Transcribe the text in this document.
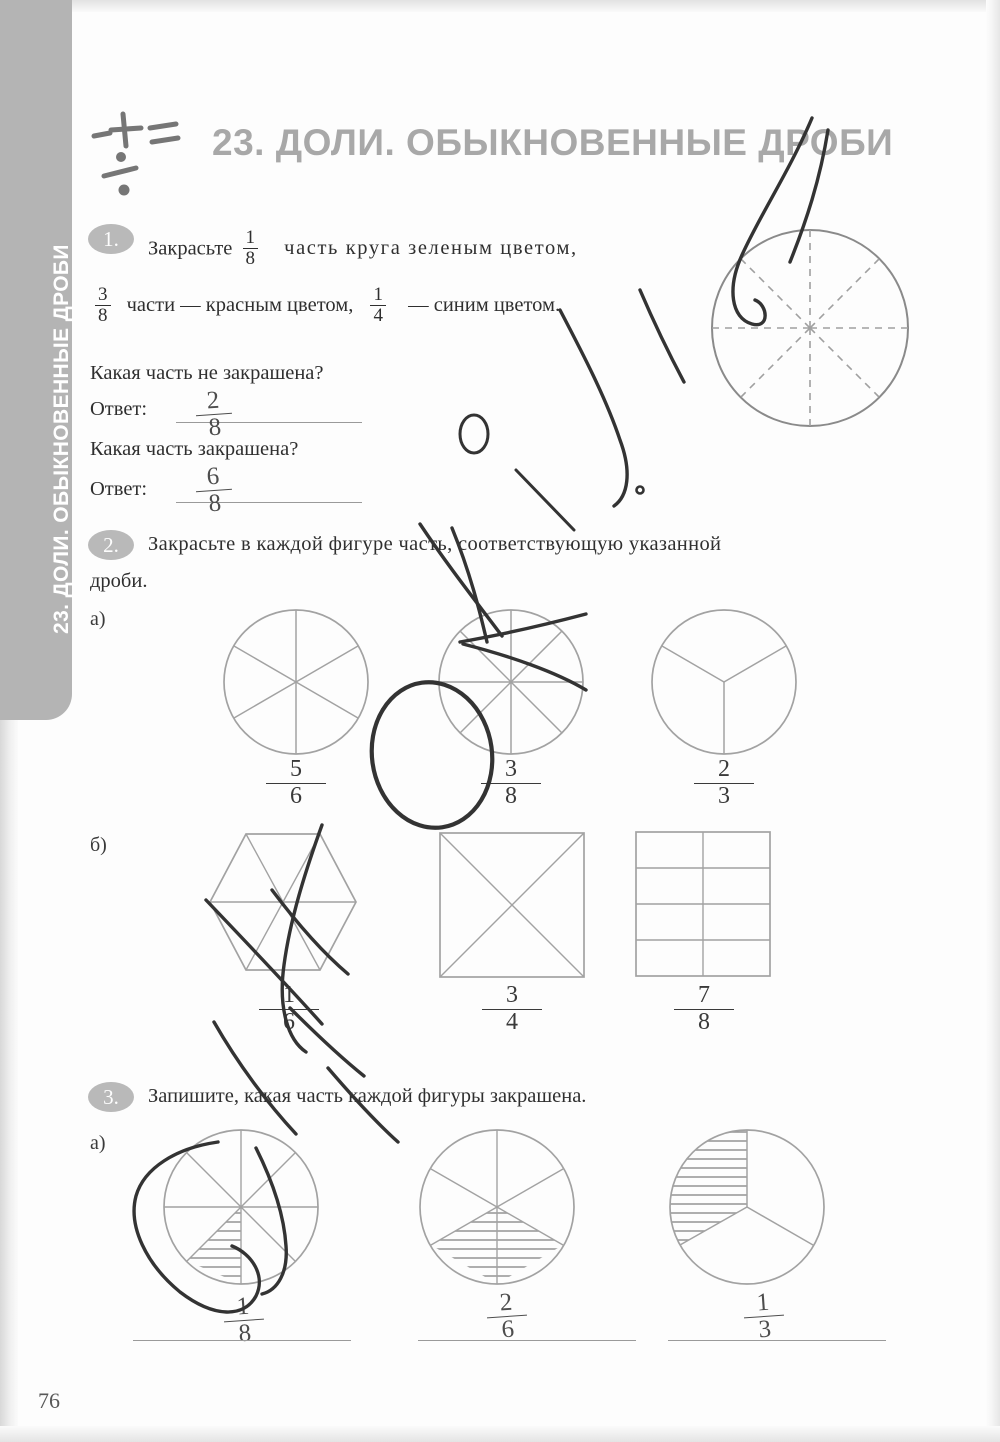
23. ДОЛИ. ОБЫКНОВЕННЫЕ ДРОБИ
23. ДОЛИ. ОБЫКНОВЕННЫЕ ДРОБИ
1.	Закрасьте $\frac{1}{8}$ часть круга зеленым цветом,
$\frac{3}{8}$ части — красным цветом, $\frac{1}{4}$ — синим цветом.
Какая часть не закрашена?
Ответ: $\frac{2}{8}$
Какая часть закрашена?
Ответ: $\frac{6}{8}$
2.	Закрасьте в каждой фигуре часть, соответствующую указанной
дроби.
a)
$\frac{5}{6}$	$\frac{3}{8}$	$\frac{2}{3}$
б)
$\frac{1}{6}$	$\frac{3}{4}$	$\frac{7}{8}$
3.	Запишите, какая часть каждой фигуры закрашена.
a)
$\frac{1}{8}$	$\frac{2}{6}$	$\frac{1}{3}$
76
